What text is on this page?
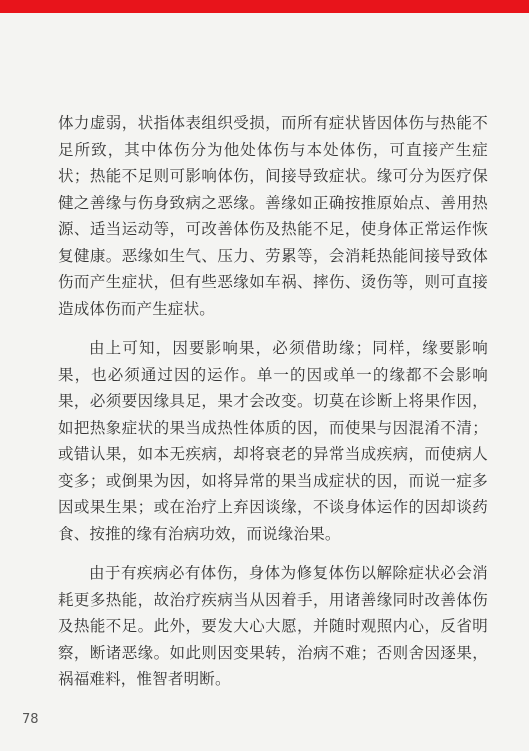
体力虚弱，状指体表组织受损，而所有症状皆因体伤与热能不足所致，其中体伤分为他处体伤与本处体伤，可直接产生症状；热能不足则可影响体伤，间接导致症状。缘可分为医疗保健之善缘与伤身致病之恶缘。善缘如正确按推原始点、善用热源、适当运动等，可改善体伤及热能不足，使身体正常运作恢复健康。恶缘如生气、压力、劳累等，会消耗热能间接导致体伤而产生症状，但有些恶缘如车祸、摔伤、烫伤等，则可直接造成体伤而产生症状。

由上可知，因要影响果，必须借助缘；同样，缘要影响果，也必须通过因的运作。单一的因或单一的缘都不会影响果，必须要因缘具足，果才会改变。切莫在诊断上将果作因，如把热象症状的果当成热性体质的因，而使果与因混淆不清；或错认果，如本无疾病，却将衰老的异常当成疾病，而使病人变多；或倒果为因，如将异常的果当成症状的因，而说一症多因或果生果；或在治疗上弃因谈缘，不谈身体运作的因却谈药食、按推的缘有治病功效，而说缘治果。

由于有疾病必有体伤，身体为修复体伤以解除症状必会消耗更多热能，故治疗疾病当从因着手，用诸善缘同时改善体伤及热能不足。此外，要发大心大愿，并随时观照内心，反省明察，断诸恶缘。如此则因变果转，治病不难；否则舍因逐果，祸福难料，惟智者明断。

78
